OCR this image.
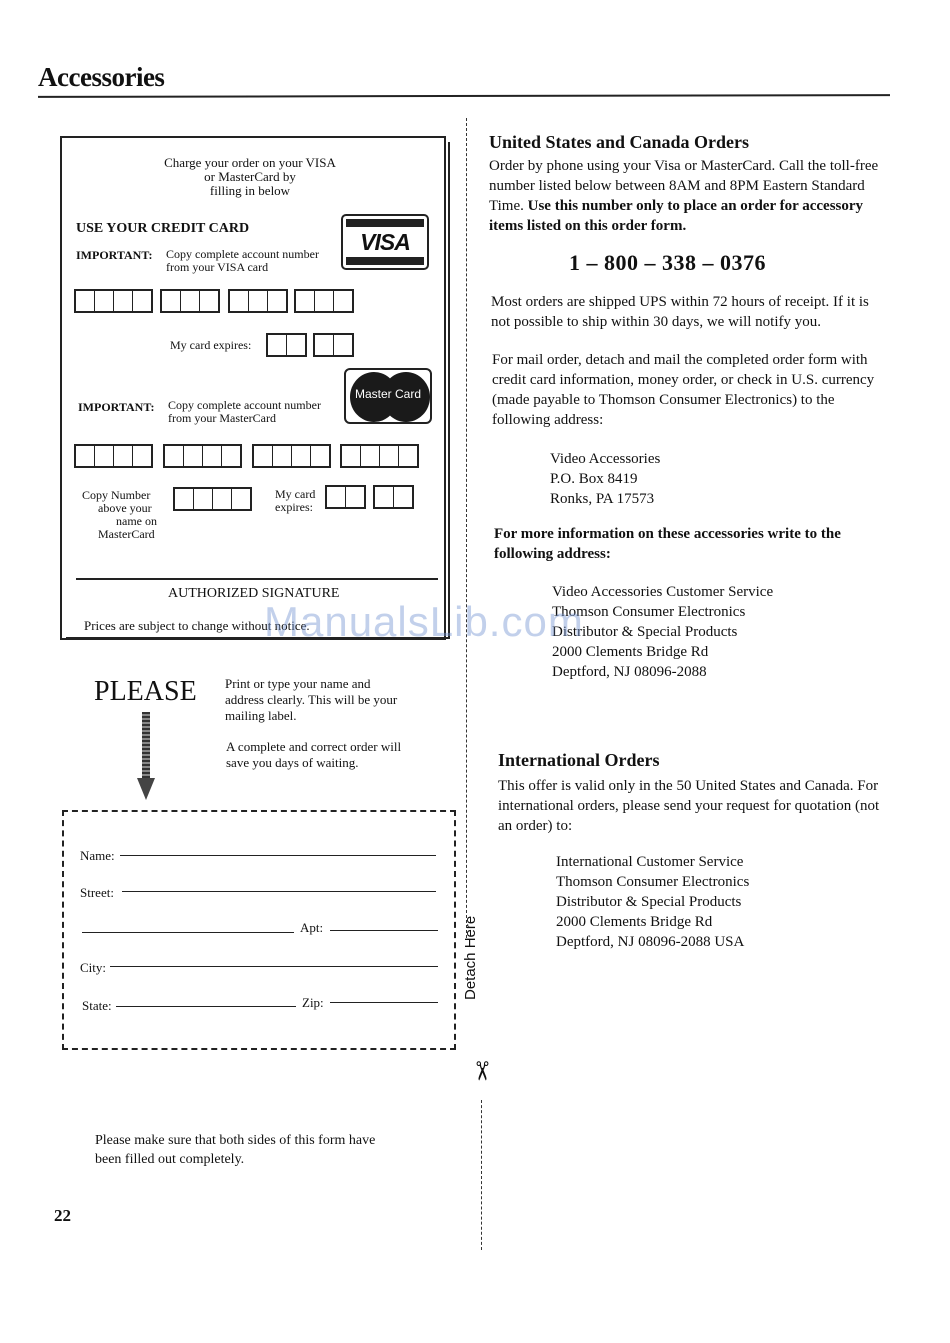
Accessories
Charge your order on your VISA
or MasterCard by
filling in below
USE YOUR CREDIT CARD
VISA
IMPORTANT: Copy complete account number
from your VISA card
My card expires:
Master Card
IMPORTANT: Copy complete account number
from your MasterCard
Copy Number
above your
name on
MasterCard
My card
expires:
AUTHORIZED SIGNATURE
Prices are subject to change without notice.
PLEASE Print or type your name and
address clearly. This will be your
mailing label.
A complete and correct order will
save you days of waiting.
Name:
Street:
Apt:
City:
State:	Zip:
Please make sure that both sides of this form have
been filled out completely.
22
Detach Here
✂
United States and Canada Orders
Order by phone using your Visa or MasterCard. Call the toll-free
number listed below between 8AM and 8PM Eastern Standard
Time. Use this number only to place an order for accessory
items listed on this order form.
1 – 800 – 338 – 0376
Most orders are shipped UPS within 72 hours of receipt. If it is
not possible to ship within 30 days, we will notify you.
For mail order, detach and mail the completed order form with
credit card information, money order, or check in U.S. currency
(made payable to Thomson Consumer Electronics) to the
following address:
Video Accessories
P.O. Box 8419
Ronks, PA 17573
For more information on these accessories write to the
following address:
Video Accessories Customer Service
Thomson Consumer Electronics
Distributor & Special Products
2000 Clements Bridge Rd
Deptford, NJ 08096-2088
International Orders
This offer is valid only in the 50 United States and Canada. For
international orders, please send your request for quotation (not
an order) to:
International Customer Service
Thomson Consumer Electronics
Distributor & Special Products
2000 Clements Bridge Rd
Deptford, NJ 08096-2088 USA
ManualsLib.com
